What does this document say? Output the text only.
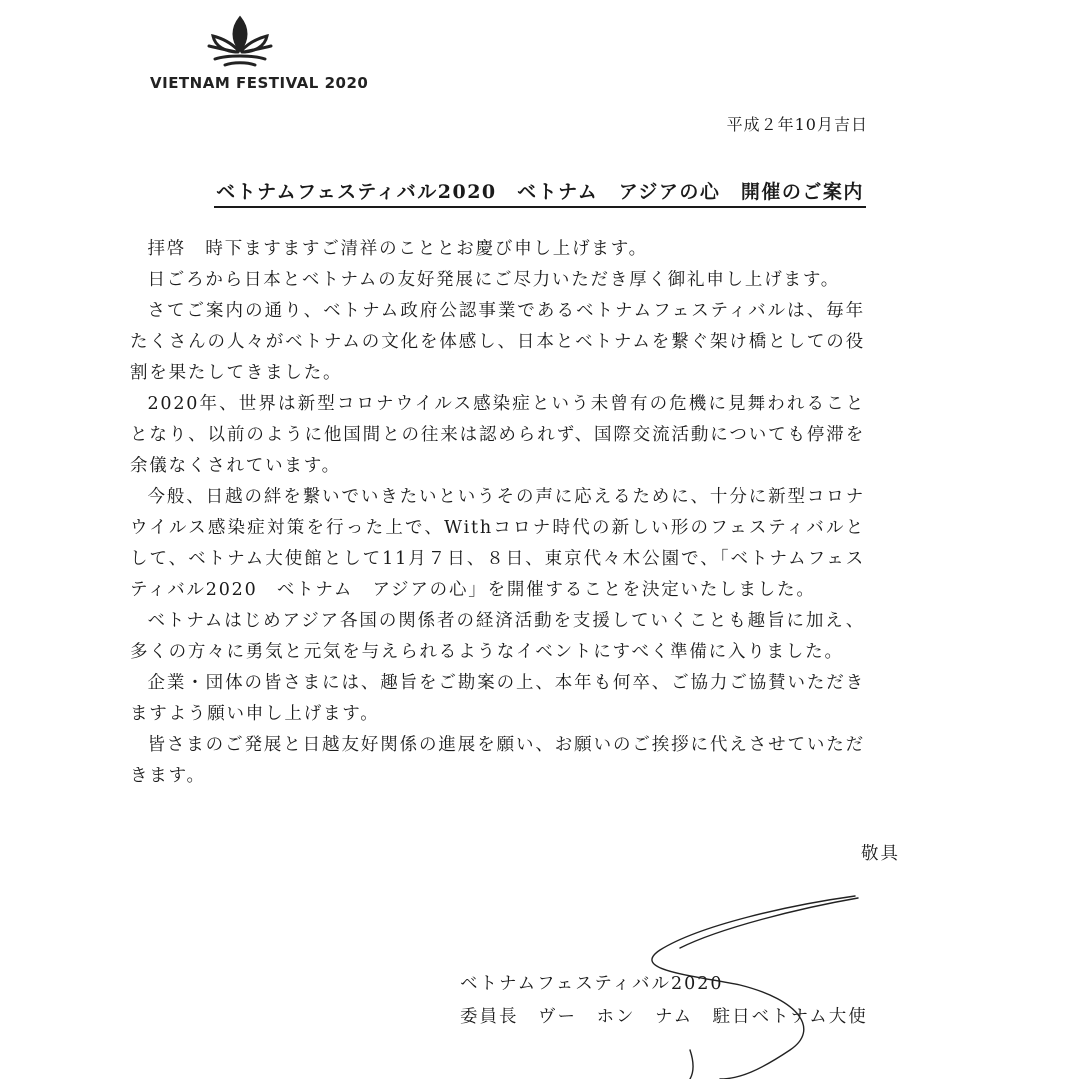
VIETNAM FESTIVAL 2020
平成２年10月吉日
ベトナムフェスティバル2020　ベトナム　アジアの心　開催のご案内

拝啓　時下ますますご清祥のこととお慶び申し上げます。

日ごろから日本とベトナムの友好発展にご尽力いただき厚く御礼申し上げます。

さてご案内の通り、ベトナム政府公認事業であるベトナムフェスティバルは、毎年たくさんの人々がベトナムの文化を体感し、日本とベトナムを繋ぐ架け橋としての役割を果たしてきました。

2020年、世界は新型コロナウイルス感染症という未曾有の危機に見舞われることとなり、以前のように他国間との往来は認められず、国際交流活動についても停滞を余儀なくされています。

今般、日越の絆を繋いでいきたいというその声に応えるために、十分に新型コロナウイルス感染症対策を行った上で、Withコロナ時代の新しい形のフェスティバルとして、ベトナム大使館として11月７日、８日、東京代々木公園で、「ベトナムフェスティバル2020　ベトナム　アジアの心」を開催することを決定いたしました。

ベトナムはじめアジア各国の関係者の経済活動を支援していくことも趣旨に加え、多くの方々に勇気と元気を与えられるようなイベントにすべく準備に入りました。

企業・団体の皆さまには、趣旨をご勘案の上、本年も何卒、ご協力ご協賛いただきますよう願い申し上げます。

皆さまのご発展と日越友好関係の進展を願い、お願いのご挨拶に代えさせていただきます。

敬具
ベトナムフェスティバル2020
委員長　ヴー　ホン　ナム　駐日ベトナム大使
